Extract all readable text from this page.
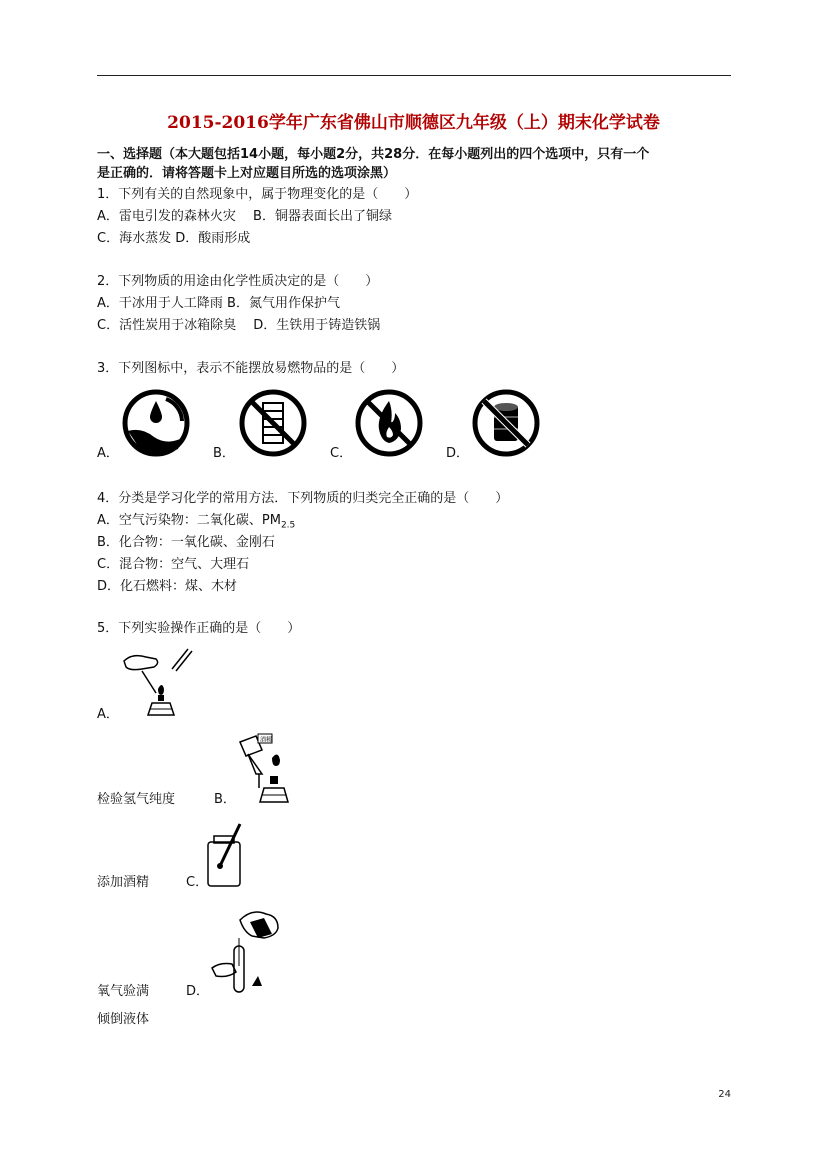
2015-2016学年广东省佛山市顺德区九年级（上）期末化学试卷
一、选择题（本大题包括14小题，每小题2分，共28分．在每小题列出的四个选项中，只有一个
是正确的．请将答题卡上对应题目所选的选项涂黑）
1．下列有关的自然现象中，属于物理变化的是（　　）
A．雷电引发的森林火灾　 B．铜器表面长出了铜绿
C．海水蒸发 D．酸雨形成
2．下列物质的用途由化学性质决定的是（　　）
A．干冰用于人工降雨 B．氮气用作保护气
C．活性炭用于冰箱除臭　 D．生铁用于铸造铁锅
3．下列图标中，表示不能摆放易燃物品的是（　　）
A．	B．	C．	D．
4．分类是学习化学的常用方法．下列物质的归类完全正确的是（　　）
A．空气污染物：二氧化碳、$PM_{2.5}$
B．化合物：一氧化碳、金刚石
C．混合物：空气、大理石
D．化石燃料：煤、木材
5．下列实验操作正确的是（　　）
A．
酒精
检验氢气纯度	B．
添加酒精	C．
氧气验满	D．
倾倒液体
24
